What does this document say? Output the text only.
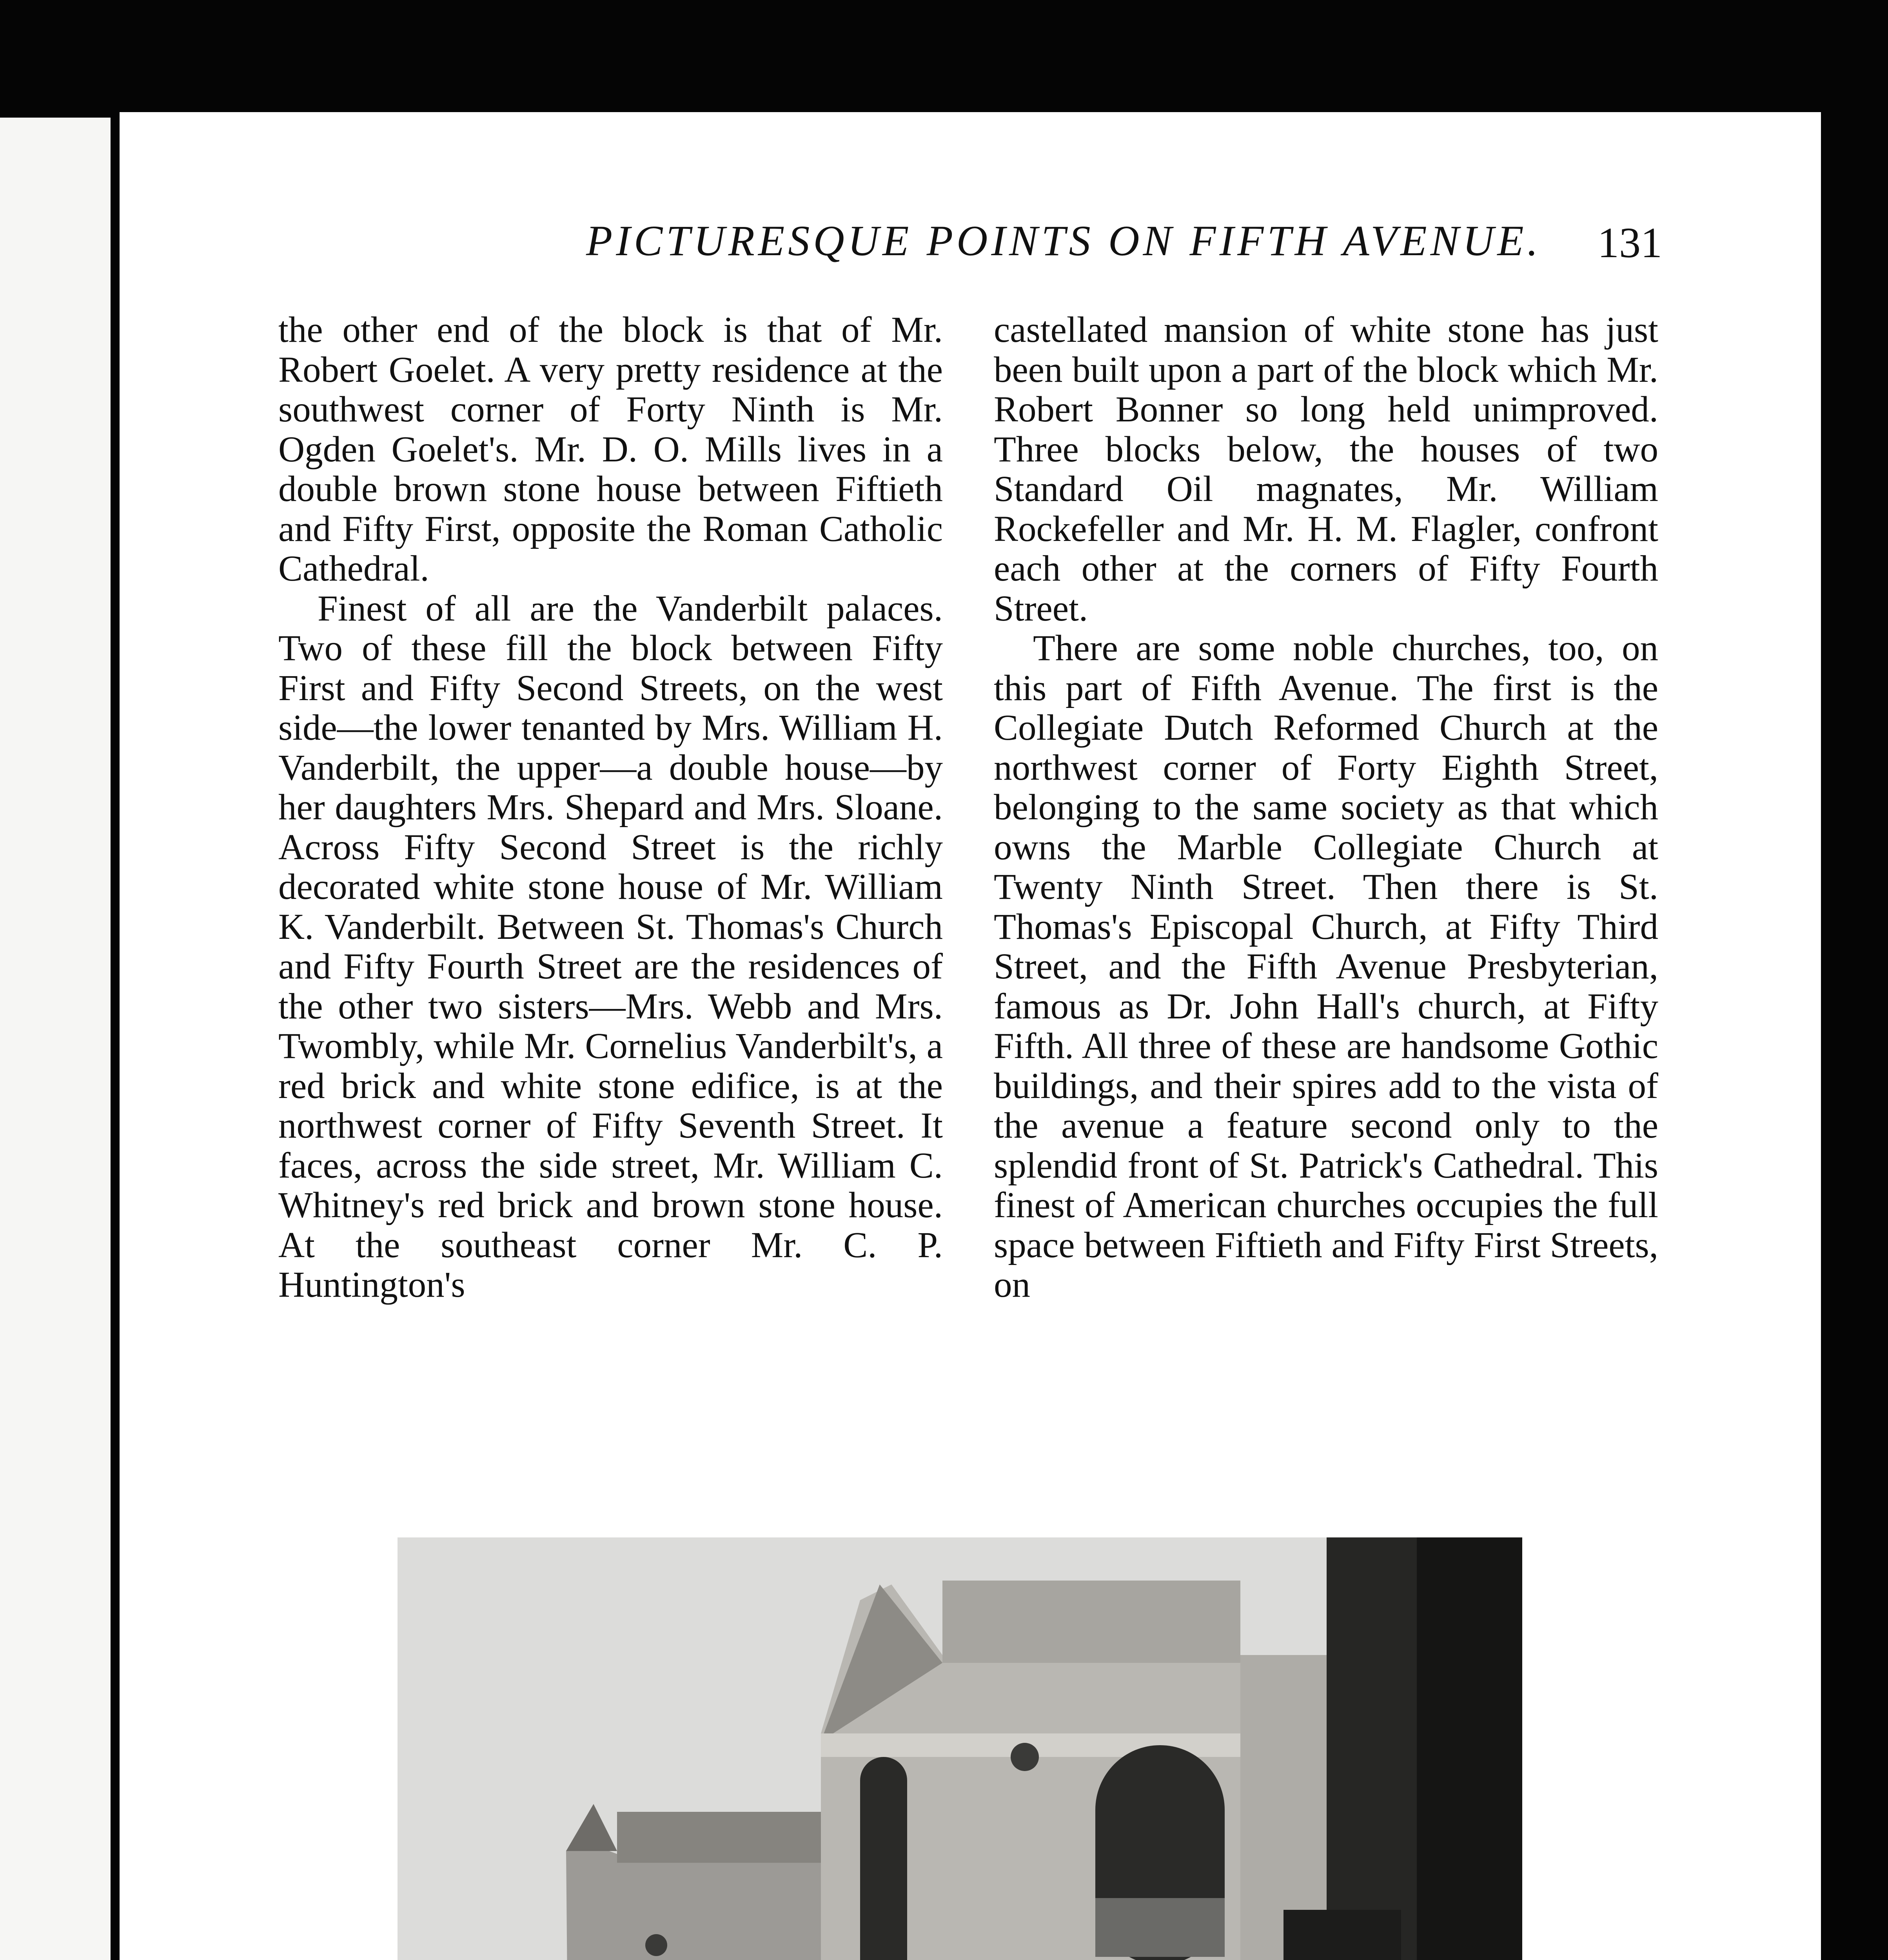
PICTURESQUE POINTS ON FIFTH AVENUE.	131

the other end of the block is that of Mr. Robert Goelet. A very pretty residence at the southwest corner of Forty Ninth is Mr. Ogden Goelet's. Mr. D. O. Mills lives in a double brown stone house between Fiftieth and Fifty First, opposite the Roman Catholic Cathedral.

Finest of all are the Vanderbilt palaces. Two of these fill the block between Fifty First and Fifty Second Streets, on the west side—the lower tenanted by Mrs. William H. Vanderbilt, the upper—a double house—by her daughters Mrs. Shepard and Mrs. Sloane. Across Fifty Second Street is the richly decorated white stone house of Mr. William K. Vanderbilt. Between St. Thomas's Church and Fifty Fourth Street are the residences of the other two sisters—Mrs. Webb and Mrs. Twombly, while Mr. Cornelius Vanderbilt's, a red brick and white stone edifice, is at the northwest corner of Fifty Seventh Street. It faces, across the side street, Mr. William C. Whitney's red brick and brown stone house. At the southeast corner Mr. C. P. Huntington's

castellated mansion of white stone has just been built upon a part of the block which Mr. Robert Bonner so long held unimproved. Three blocks below, the houses of two Standard Oil magnates, Mr. William Rockefeller and Mr. H. M. Flagler, confront each other at the corners of Fifty Fourth Street.

There are some noble churches, too, on this part of Fifth Avenue. The first is the Collegiate Dutch Reformed Church at the northwest corner of Forty Eighth Street, belonging to the same society as that which owns the Marble Collegiate Church at Twenty Ninth Street. Then there is St. Thomas's Episcopal Church, at Fifty Third Street, and the Fifth Avenue Presbyterian, famous as Dr. John Hall's church, at Fifty Fifth. All three of these are handsome Gothic buildings, and their spires add to the vista of the avenue a feature second only to the splendid front of St. Patrick's Cathedral. This finest of American churches occupies the full space between Fiftieth and Fifty First Streets, on
